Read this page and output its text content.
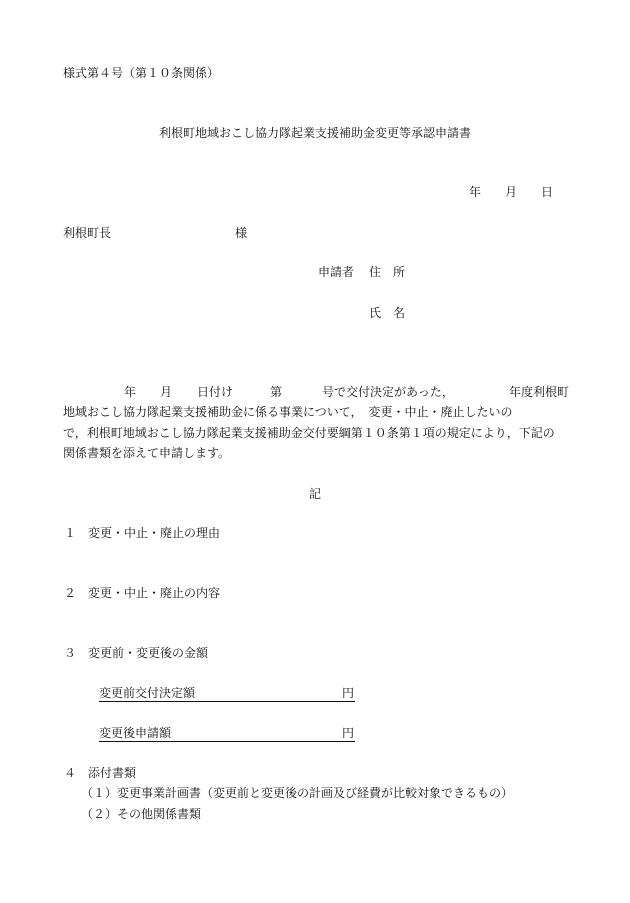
様式第４号（第１０条関係）
利根町地域おこし協力隊起業支援補助金変更等承認申請書
年 月 日
利根町長	様
申請者 住　所
氏　名
年 月 日付け	第	号で交付決定があった，	年度利根町
地域おこし協力隊起業支援補助金に係る事業について，　変更・中止・廃止したいの
で，利根町地域おこし協力隊起業支援補助金交付要綱第１０条第１項の規定により，下記の
関係書類を添えて申請します。
記
１ 変更・中止・廃止の理由
２ 変更・中止・廃止の内容
３ 変更前・変更後の金額
変更前交付決定額	円
変更後申請額	円
４ 添付書類
（１）変更事業計画書（変更前と変更後の計画及び経費が比較対象できるもの）
（２）その他関係書類
